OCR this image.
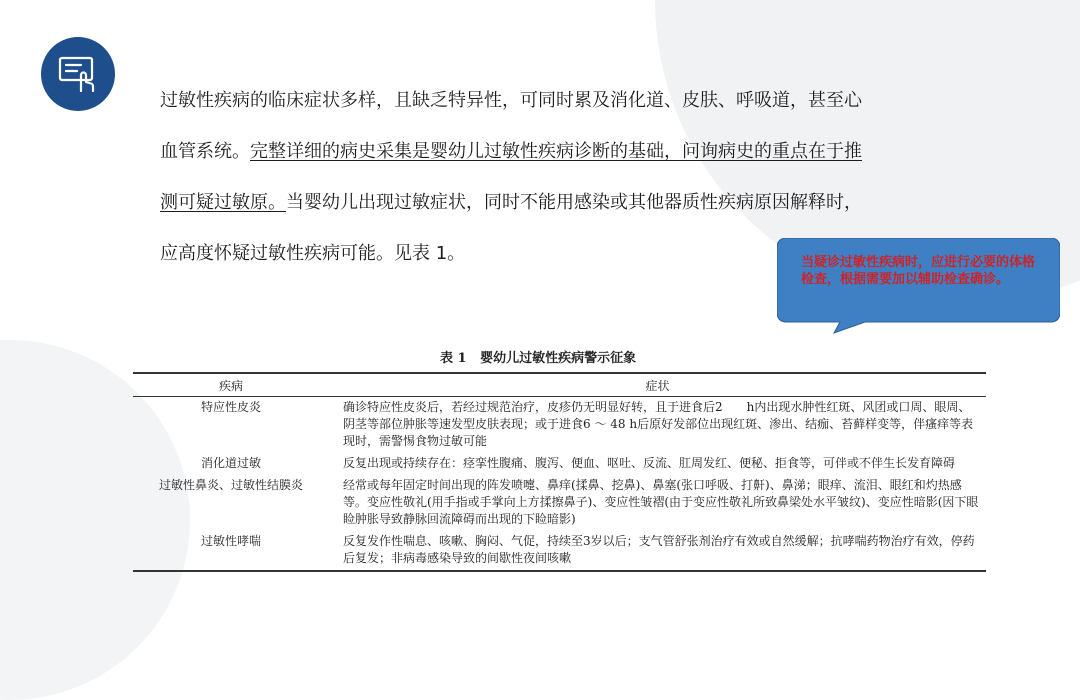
过敏性疾病的临床症状多样，且缺乏特异性，可同时累及消化道、皮肤、呼吸道，甚至心
血管系统。完整详细的病史采集是婴幼儿过敏性疾病诊断的基础，问询病史的重点在于推
测可疑过敏原。当婴幼儿出现过敏症状，同时不能用感染或其他器质性疾病原因解释时，
应高度怀疑过敏性疾病可能。见表 1。	当疑诊过敏性疾病时，应进行必要的体格检查，根据需要加以辅助检查确诊。
表 1 婴幼儿过敏性疾病警示征象
疾病	症状
特应性皮炎	确诊特应性皮炎后，若经过规范治疗，皮疹仍无明显好转，且于进食后2　　h内出现水肿性红斑、风团或口周、眼周、阴茎等部位肿胀等速发型皮肤表现；或于进食6 ～ 48 h后原好发部位出现红斑、渗出、结痂、苔藓样变等，伴瘙痒等表现时，需警惕食物过敏可能
消化道过敏	反复出现或持续存在：痉挛性腹痛、腹泻、便血、呕吐、反流、肛周发红、便秘、拒食等，可伴或不伴生长发育障碍
过敏性鼻炎、过敏性结膜炎	经常或每年固定时间出现的阵发喷嚏、鼻痒(揉鼻、挖鼻)、鼻塞(张口呼吸、打鼾)、鼻涕；眼痒、流泪、眼红和灼热感等。变应性敬礼(用手指或手掌向上方揉擦鼻子)、变应性皱褶(由于变应性敬礼所致鼻梁处水平皱纹)、变应性暗影(因下眼睑肿胀导致静脉回流障碍而出现的下睑暗影)
过敏性哮喘	反复发作性喘息、咳嗽、胸闷、气促，持续至3岁以后；支气管舒张剂治疗有效或自然缓解；抗哮喘药物治疗有效，停药后复发；非病毒感染导致的间歇性夜间咳嗽
